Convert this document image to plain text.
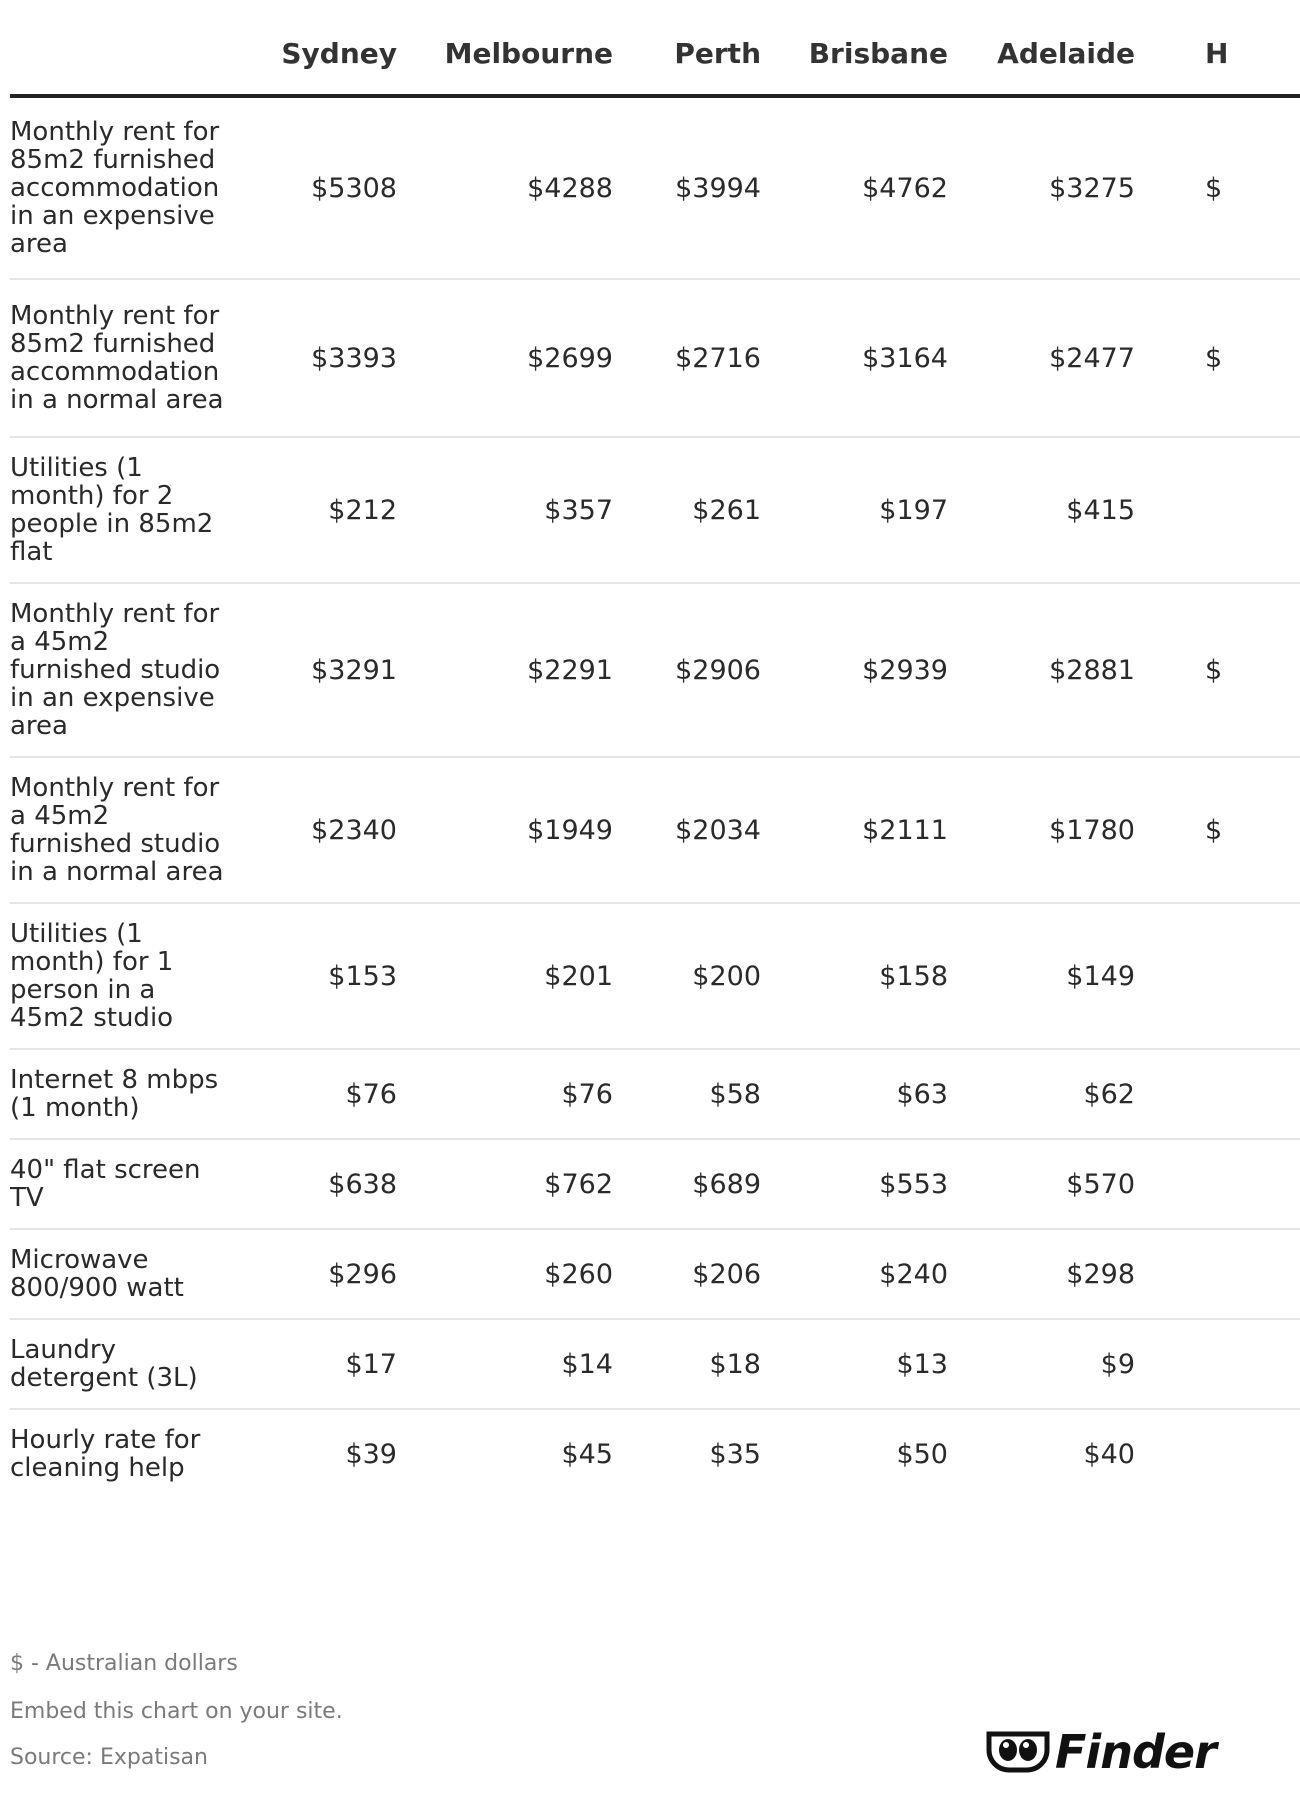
	Sydney	Melbourne	Perth	Brisbane	Adelaide	H
Monthly rent for 85m2 furnished accommodation in an expensive area	$5308	$4288	$3994	$4762	$3275	$
Monthly rent for 85m2 furnished accommodation in a normal area	$3393	$2699	$2716	$3164	$2477	$
Utilities (1 month) for 2 people in 85m2 flat	$212	$357	$261	$197	$415	
Monthly rent for a 45m2 furnished studio in an expensive area	$3291	$2291	$2906	$2939	$2881	$
Monthly rent for a 45m2 furnished studio in a normal area	$2340	$1949	$2034	$2111	$1780	$
Utilities (1 month) for 1 person in a 45m2 studio	$153	$201	$200	$158	$149	
Internet 8 mbps (1 month)	$76	$76	$58	$63	$62	
40" flat screen TV	$638	$762	$689	$553	$570	
Microwave 800/900 watt	$296	$260	$206	$240	$298	
Laundry detergent (3L)	$17	$14	$18	$13	$9	
Hourly rate for cleaning help	$39	$45	$35	$50	$40	
$ - Australian dollars
Embed this chart on your site.
Source: Expatisan	Finder
